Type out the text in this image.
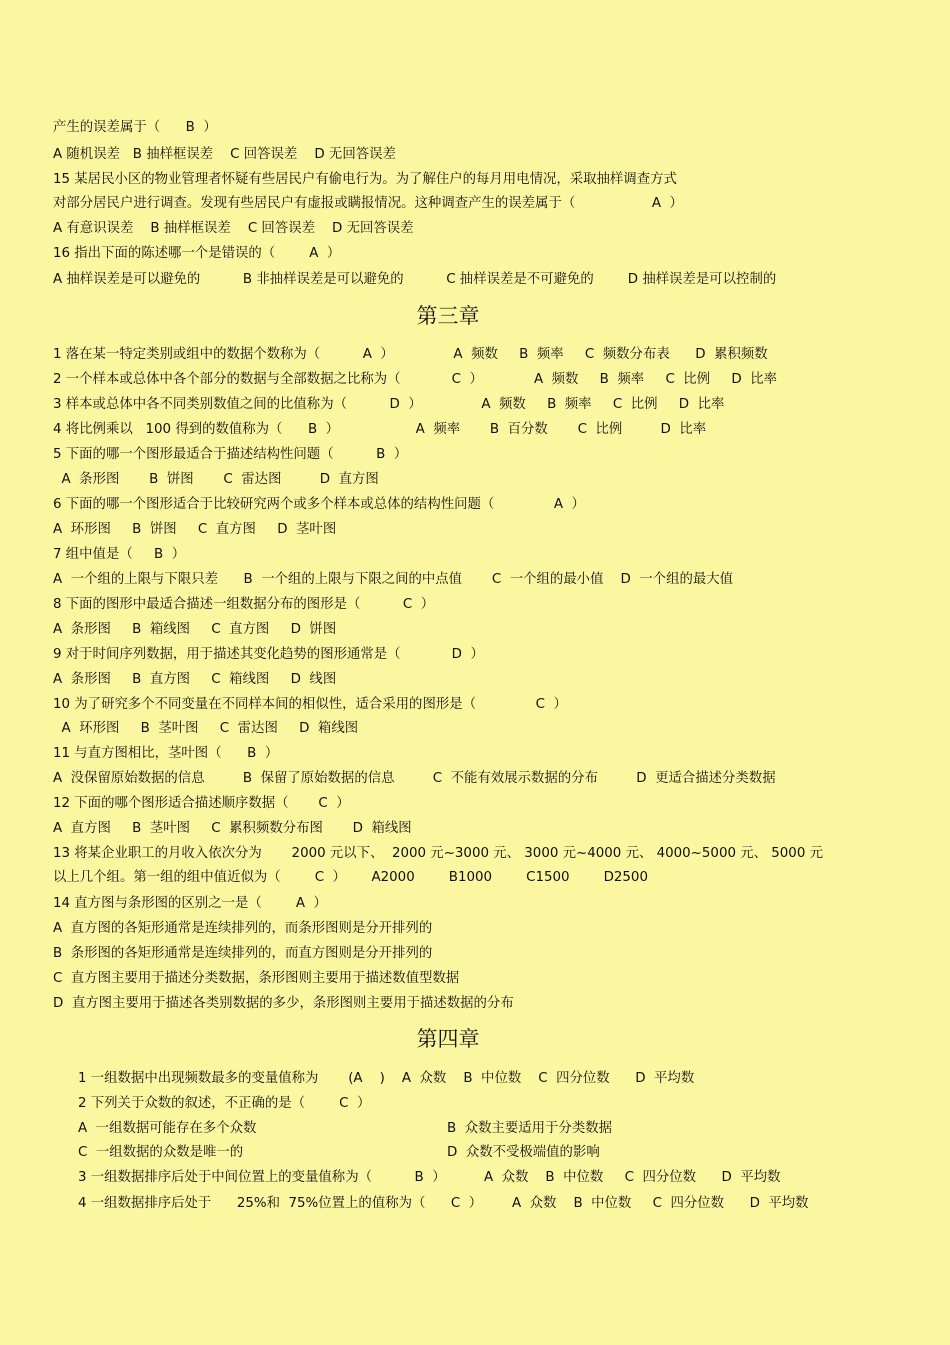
产生的误差属于（      B  ）

A 随机误差   B 抽样框误差    C 回答误差    D 无回答误差

15 某居民小区的物业管理者怀疑有些居民户有偷电行为。为了解住户的每月用电情况，采取抽样调查方式

对部分居民户进行调查。发现有些居民户有虚报或瞒报情况。这种调查产生的误差属于（                  A  ）

A 有意识误差    B 抽样框误差    C 回答误差    D 无回答误差

16 指出下面的陈述哪一个是错误的（        A  ）

A 抽样误差是可以避免的          B 非抽样误差是可以避免的          C 抽样误差是不可避免的        D 抽样误差是可以控制的

第三章

1 落在某一特定类别或组中的数据个数称为（          A  ）              A  频数     B  频率     C  频数分布表      D  累积频数

2 一个样本或总体中各个部分的数据与全部数据之比称为（            C  ）            A  频数     B  频率     C  比例     D  比率

3 样本或总体中各不同类别数值之间的比值称为（          D  ）              A  频数     B  频率     C  比例     D  比率

4 将比例乘以   100 得到的数值称为（      B  ）                  A  频率       B  百分数       C  比例         D  比率

5 下面的哪一个图形最适合于描述结构性问题（          B  ）

A  条形图       B  饼图       C  雷达图         D  直方图

6 下面的哪一个图形适合于比较研究两个或多个样本或总体的结构性问题（              A  ）

A  环形图     B  饼图     C  直方图     D  茎叶图

7 组中值是（     B  ）

A  一个组的上限与下限只差      B  一个组的上限与下限之间的中点值       C  一个组的最小值    D  一个组的最大值

8 下面的图形中最适合描述一组数据分布的图形是（          C  ）

A  条形图     B  箱线图     C  直方图     D  饼图

9 对于时间序列数据，用于描述其变化趋势的图形通常是（            D  ）

A  条形图     B  直方图     C  箱线图     D  线图

10 为了研究多个不同变量在不同样本间的相似性，适合采用的图形是（              C  ）

A  环形图     B  茎叶图     C  雷达图     D  箱线图

11 与直方图相比，茎叶图（      B  ）

A  没保留原始数据的信息         B  保留了原始数据的信息         C  不能有效展示数据的分布         D  更适合描述分类数据

12 下面的哪个图形适合描述顺序数据（       C  ）

A  直方图     B  茎叶图     C  累积频数分布图       D  箱线图

13 将某企业职工的月收入依次分为       2000 元以下、  2000 元~3000 元、 3000 元~4000 元、 4000~5000 元、 5000 元

以上几个组。第一组的组中值近似为（        C  ）      A2000        B1000        C1500        D2500

14 直方图与条形图的区别之一是（        A  ）

A  直方图的各矩形通常是连续排列的，而条形图则是分开排列的

B  条形图的各矩形通常是连续排列的，而直方图则是分开排列的

C  直方图主要用于描述分类数据，条形图则主要用于描述数值型数据

D  直方图主要用于描述各类别数据的多少，条形图则主要用于描述数据的分布

第四章

1 一组数据中出现频数最多的变量值称为       (A    )    A  众数    B  中位数    C  四分位数      D  平均数

2 下列关于众数的叙述，不正确的是（        C  ）

A  一组数据可能存在多个众数	B  众数主要适用于分类数据

C  一组数据的众数是唯一的	D  众数不受极端值的影响

3 一组数据排序后处于中间位置上的变量值称为（          B  ）         A  众数    B  中位数     C  四分位数      D  平均数

4 一组数据排序后处于      25%和  75%位置上的值称为（      C  ）       A  众数    B  中位数     C  四分位数      D  平均数
